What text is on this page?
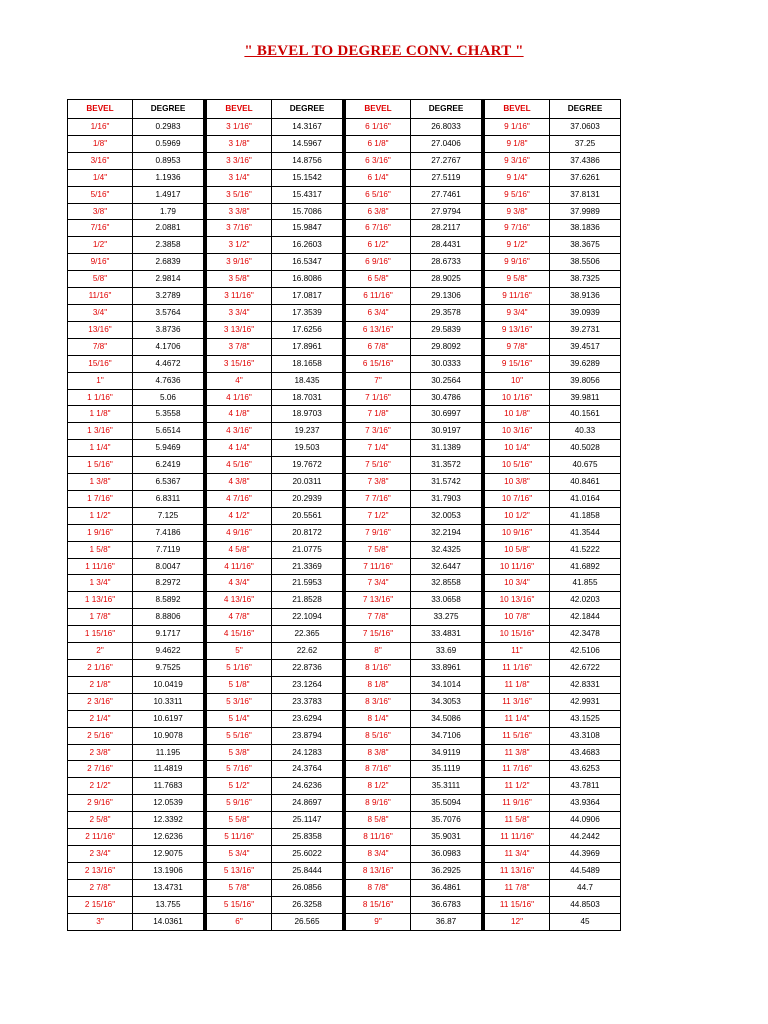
" BEVEL TO DEGREE CONV. CHART "
BEVEL	DEGREE		BEVEL	DEGREE		BEVEL	DEGREE		BEVEL	DEGREE
1/16"	0.2983		3 1/16"	14.3167		6 1/16"	26.8033		9 1/16"	37.0603
1/8"	0.5969		3 1/8"	14.5967		6 1/8"	27.0406		9 1/8"	37.25
3/16"	0.8953		3 3/16"	14.8756		6 3/16"	27.2767		9 3/16"	37.4386
1/4"	1.1936		3 1/4"	15.1542		6 1/4"	27.5119		9 1/4"	37.6261
5/16"	1.4917		3 5/16"	15.4317		6 5/16"	27.7461		9 5/16"	37.8131
3/8"	1.79		3 3/8"	15.7086		6 3/8"	27.9794		9 3/8"	37.9989
7/16"	2.0881		3 7/16"	15.9847		6 7/16"	28.2117		9 7/16"	38.1836
1/2"	2.3858		3 1/2"	16.2603		6 1/2"	28.4431		9 1/2"	38.3675
9/16"	2.6839		3 9/16"	16.5347		6 9/16"	28.6733		9 9/16"	38.5506
5/8"	2.9814		3 5/8"	16.8086		6 5/8"	28.9025		9 5/8"	38.7325
11/16"	3.2789		3 11/16"	17.0817		6 11/16"	29.1306		9 11/16"	38.9136
3/4"	3.5764		3 3/4"	17.3539		6 3/4"	29.3578		9 3/4"	39.0939
13/16"	3.8736		3 13/16"	17.6256		6 13/16"	29.5839		9 13/16"	39.2731
7/8"	4.1706		3 7/8"	17.8961		6 7/8"	29.8092		9 7/8"	39.4517
15/16"	4.4672		3 15/16"	18.1658		6 15/16"	30.0333		9 15/16"	39.6289
1"	4.7636		4"	18.435		7"	30.2564		10"	39.8056
1 1/16"	5.06		4 1/16"	18.7031		7 1/16"	30.4786		10 1/16"	39.9811
1 1/8"	5.3558		4 1/8"	18.9703		7 1/8"	30.6997		10 1/8"	40.1561
1 3/16"	5.6514		4 3/16"	19.237		7 3/16"	30.9197		10 3/16"	40.33
1 1/4"	5.9469		4 1/4"	19.503		7 1/4"	31.1389		10 1/4"	40.5028
1 5/16"	6.2419		4 5/16"	19.7672		7 5/16"	31.3572		10 5/16"	40.675
1 3/8"	6.5367		4 3/8"	20.0311		7 3/8"	31.5742		10 3/8"	40.8461
1 7/16"	6.8311		4 7/16"	20.2939		7 7/16"	31.7903		10 7/16"	41.0164
1 1/2"	7.125		4 1/2"	20.5561		7 1/2"	32.0053		10 1/2"	41.1858
1 9/16"	7.4186		4 9/16"	20.8172		7 9/16"	32.2194		10 9/16"	41.3544
1 5/8"	7.7119		4 5/8"	21.0775		7 5/8"	32.4325		10 5/8"	41.5222
1 11/16"	8.0047		4 11/16"	21.3369		7 11/16"	32.6447		10 11/16"	41.6892
1 3/4"	8.2972		4 3/4"	21.5953		7 3/4"	32.8558		10 3/4"	41.855
1 13/16"	8.5892		4 13/16"	21.8528		7 13/16"	33.0658		10 13/16"	42.0203
1 7/8"	8.8806		4 7/8"	22.1094		7 7/8"	33.275		10 7/8"	42.1844
1 15/16"	9.1717		4 15/16"	22.365		7 15/16"	33.4831		10 15/16"	42.3478
2"	9.4622		5"	22.62		8"	33.69		11"	42.5106
2 1/16"	9.7525		5 1/16"	22.8736		8 1/16"	33.8961		11 1/16"	42.6722
2 1/8"	10.0419		5 1/8"	23.1264		8 1/8"	34.1014		11 1/8"	42.8331
2 3/16"	10.3311		5 3/16"	23.3783		8 3/16"	34.3053		11 3/16"	42.9931
2 1/4"	10.6197		5 1/4"	23.6294		8 1/4"	34.5086		11 1/4"	43.1525
2 5/16"	10.9078		5 5/16"	23.8794		8 5/16"	34.7106		11 5/16"	43.3108
2 3/8"	11.195		5 3/8"	24.1283		8 3/8"	34.9119		11 3/8"	43.4683
2 7/16"	11.4819		5 7/16"	24.3764		8 7/16"	35.1119		11 7/16"	43.6253
2 1/2"	11.7683		5 1/2"	24.6236		8 1/2"	35.3111		11 1/2"	43.7811
2 9/16"	12.0539		5 9/16"	24.8697		8 9/16"	35.5094		11 9/16"	43.9364
2 5/8"	12.3392		5 5/8"	25.1147		8 5/8"	35.7076		11 5/8"	44.0906
2 11/16"	12.6236		5 11/16"	25.8358		8 11/16"	35.9031		11 11/16"	44.2442
2 3/4"	12.9075		5 3/4"	25.6022		8 3/4"	36.0983		11 3/4"	44.3969
2 13/16"	13.1906		5 13/16"	25.8444		8 13/16"	36.2925		11 13/16"	44.5489
2 7/8"	13.4731		5 7/8"	26.0856		8 7/8"	36.4861		11 7/8"	44.7
2 15/16"	13.755		5 15/16"	26.3258		8 15/16"	36.6783		11 15/16"	44.8503
3"	14.0361		6"	26.565		9"	36.87		12"	45
